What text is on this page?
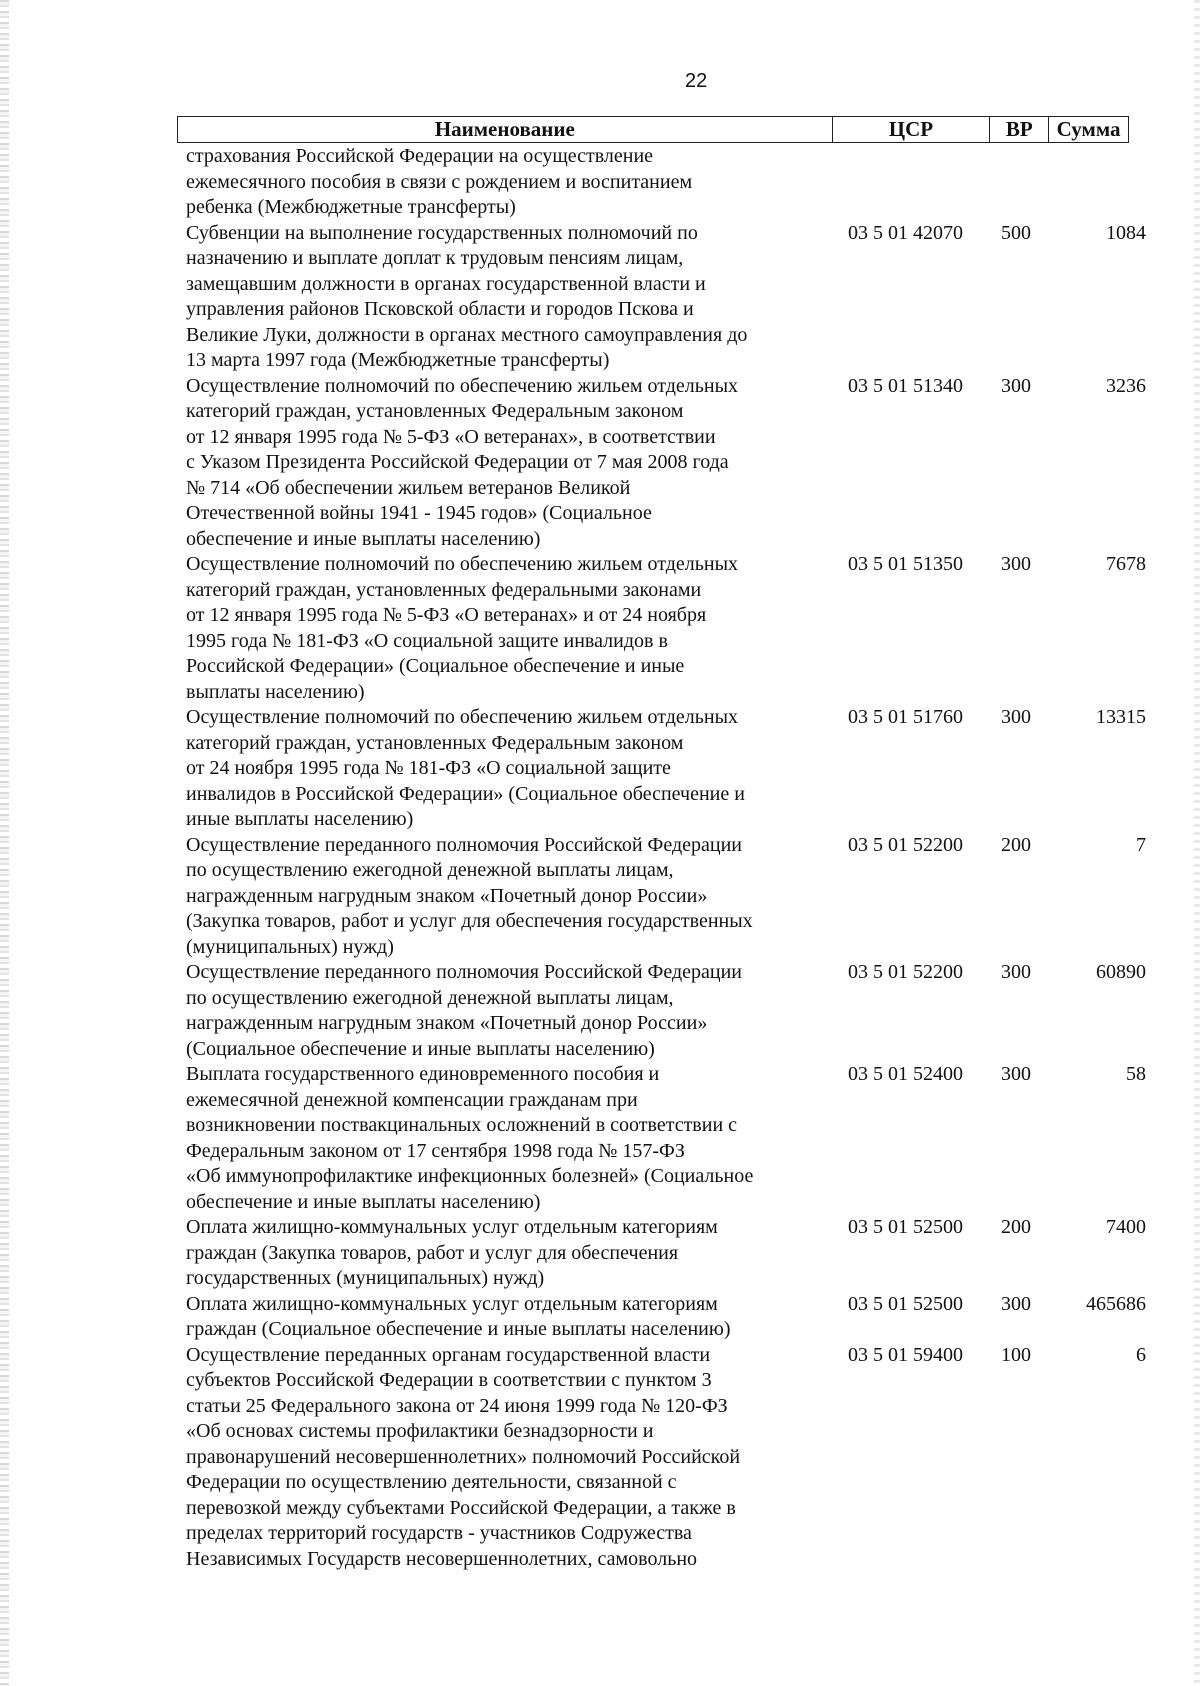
22
Наименование	ЦСР	ВР	Сумма
страхования Российской Федерации на осуществление
ежемесячного пособия в связи с рождением и воспитанием
ребенка (Межбюджетные трансферты)
Субвенции на выполнение государственных полномочий по
назначению и выплате доплат к трудовым пенсиям лицам,
замещавшим должности в органах государственной власти и
управления районов Псковской области и городов Пскова и
Великие Луки, должности в органах местного самоуправления до
13 марта 1997 года (Межбюджетные трансферты)
03 5 01 42070	500	1084
Осуществление полномочий по обеспечению жильем отдельных
категорий граждан, установленных Федеральным законом
от 12 января 1995 года № 5-ФЗ «О ветеранах», в соответствии
с Указом Президента Российской Федерации от 7 мая 2008 года
№ 714 «Об обеспечении жильем ветеранов Великой
Отечественной войны 1941 - 1945 годов» (Социальное
обеспечение и иные выплаты населению)
03 5 01 51340	300	3236
Осуществление полномочий по обеспечению жильем отдельных
категорий граждан, установленных федеральными законами
от 12 января 1995 года № 5-ФЗ «О ветеранах» и от 24 ноября
1995 года № 181-ФЗ «О социальной защите инвалидов в
Российской Федерации» (Социальное обеспечение и иные
выплаты населению)
03 5 01 51350	300	7678
Осуществление полномочий по обеспечению жильем отдельных
категорий граждан, установленных Федеральным законом
от 24 ноября 1995 года № 181-ФЗ «О социальной защите
инвалидов в Российской Федерации» (Социальное обеспечение и
иные выплаты населению)
03 5 01 51760	300	13315
Осуществление переданного полномочия Российской Федерации
по осуществлению ежегодной денежной выплаты лицам,
награжденным нагрудным знаком «Почетный донор России»
(Закупка товаров, работ и услуг для обеспечения государственных
(муниципальных) нужд)
03 5 01 52200	200	7
Осуществление переданного полномочия Российской Федерации
по осуществлению ежегодной денежной выплаты лицам,
награжденным нагрудным знаком «Почетный донор России»
(Социальное обеспечение и иные выплаты населению)
03 5 01 52200	300	60890
Выплата государственного единовременного пособия и
ежемесячной денежной компенсации гражданам при
возникновении поствакцинальных осложнений в соответствии с
Федеральным законом от 17 сентября 1998 года № 157-ФЗ
«Об иммунопрофилактике инфекционных болезней» (Социальное
обеспечение и иные выплаты населению)
03 5 01 52400	300	58
Оплата жилищно-коммунальных услуг отдельным категориям
граждан (Закупка товаров, работ и услуг для обеспечения
государственных (муниципальных) нужд)
03 5 01 52500	200	7400
Оплата жилищно-коммунальных услуг отдельным категориям
граждан (Социальное обеспечение и иные выплаты населению)
03 5 01 52500	300	465686
Осуществление переданных органам государственной власти
субъектов Российской Федерации в соответствии с пунктом 3
статьи 25 Федерального закона от 24 июня 1999 года № 120-ФЗ
«Об основах системы профилактики безнадзорности и
правонарушений несовершеннолетних» полномочий Российской
Федерации по осуществлению деятельности, связанной с
перевозкой между субъектами Российской Федерации, а также в
пределах территорий государств - участников Содружества
Независимых Государств несовершеннолетних, самовольно
03 5 01 59400	100	6
